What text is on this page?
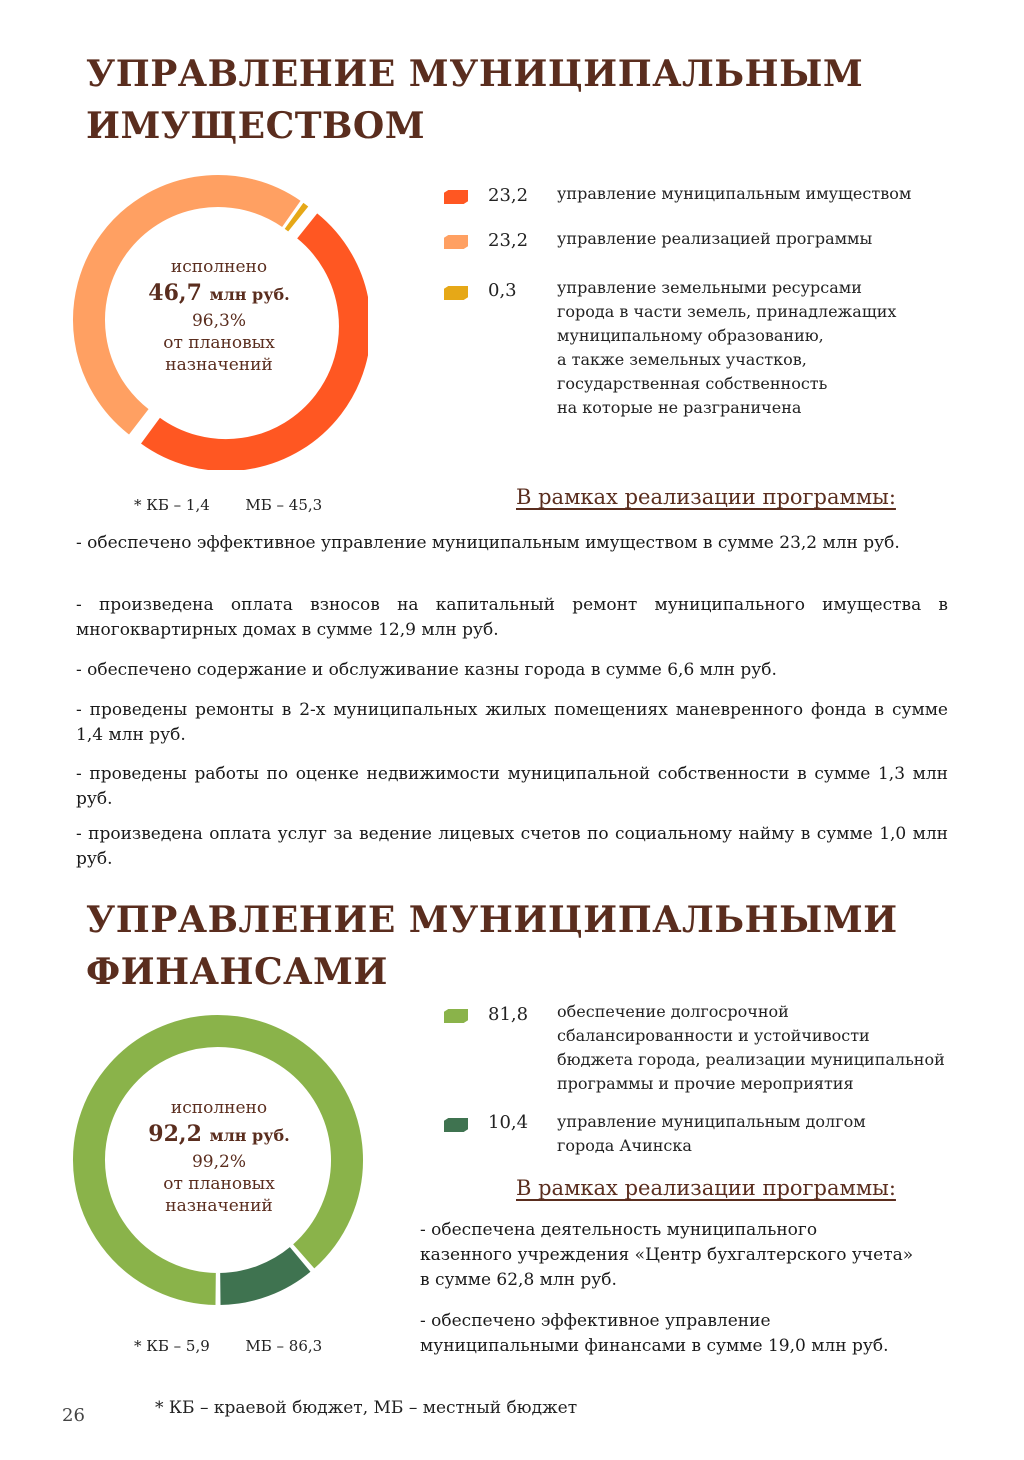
УПРАВЛЕНИЕ МУНИЦИПАЛЬНЫМ
ИМУЩЕСТВОМ
исполнено
46,7 млн руб.
96,3%
от плановых
назначений
23,2 управление муниципальным имуществом
23,2 управление реализацией программы
0,3	управление земельными ресурсами
города в части земель, принадлежащих
муниципальному образованию,
а также земельных участков,
государственная собственность
на которые не разграничена
* КБ – 1,4 МБ – 45,3	В рамках реализации программы:

- обеспечено эффективное управление муниципальным имуществом в сумме 23,2 млн руб.

- произведена оплата взносов на капитальный ремонт муниципального имущества в многоквартирных домах в сумме 12,9 млн руб.

- обеспечено содержание и обслуживание казны города в сумме 6,6 млн руб.

- проведены ремонты в 2-х муниципальных жилых помещениях маневренного фонда в сумме 1,4 млн руб.

- проведены работы по оценке недвижимости муниципальной собственности в сумме 1,3 млн руб.

- произведена оплата услуг за ведение лицевых счетов по социальному найму в сумме 1,0 млн руб.

УПРАВЛЕНИЕ МУНИЦИПАЛЬНЫМИ
ФИНАНСАМИ
исполнено
92,2 млн руб.
99,2%
от плановых
назначений
81,8 обеспечение долгосрочной
сбалансированности и устойчивости
бюджета города, реализации муниципальной
программы и прочие мероприятия
10,4 управление муниципальным долгом
города Ачинска
В рамках реализации программы:

- обеспечена деятельность муниципального
казенного учреждения «Центр бухгалтерского учета»
в сумме 62,8 млн руб.

- обеспечено эффективное управление
муниципальными финансами в сумме 19,0 млн руб.

* КБ – 5,9 МБ – 86,3
26	* КБ – краевой бюджет, МБ – местный бюджет
